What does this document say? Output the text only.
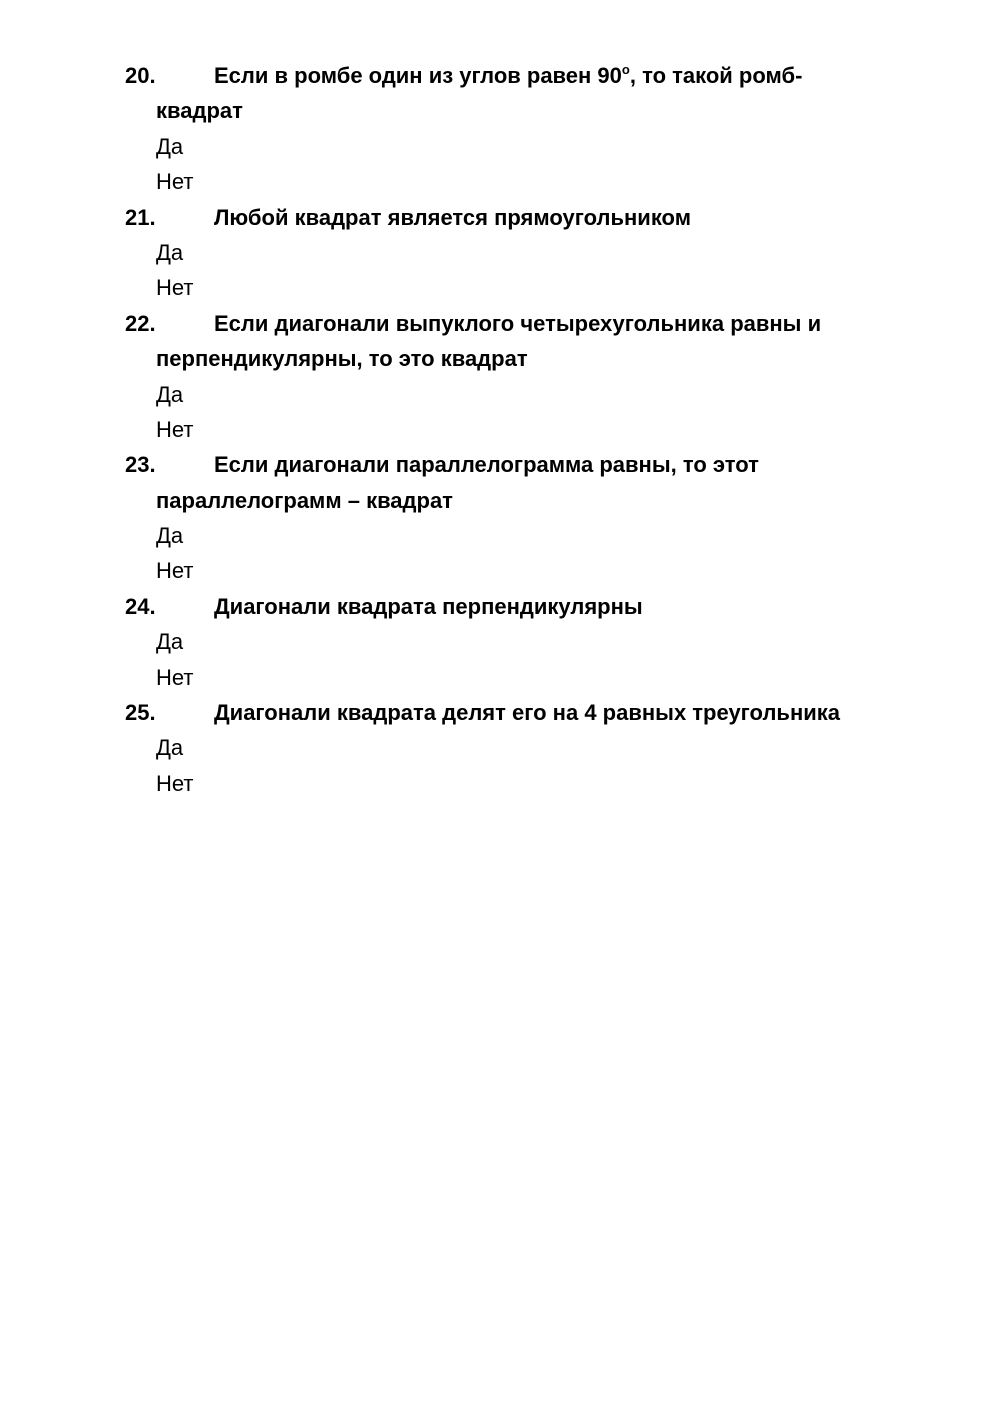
20.	Если в ромбе один из углов равен 90$^o$, то такой ромб-
квадрат
Да
Нет
21.	Любой квадрат является прямоугольником
Да
Нет
22.	Если диагонали выпуклого четырехугольника равны и
перпендикулярны, то это квадрат
Да
Нет
23.	Если диагонали параллелограмма равны, то этот
параллелограмм – квадрат
Да
Нет
24.	Диагонали квадрата перпендикулярны
Да
Нет
25.	Диагонали квадрата делят его на 4 равных треугольника
Да
Нет
